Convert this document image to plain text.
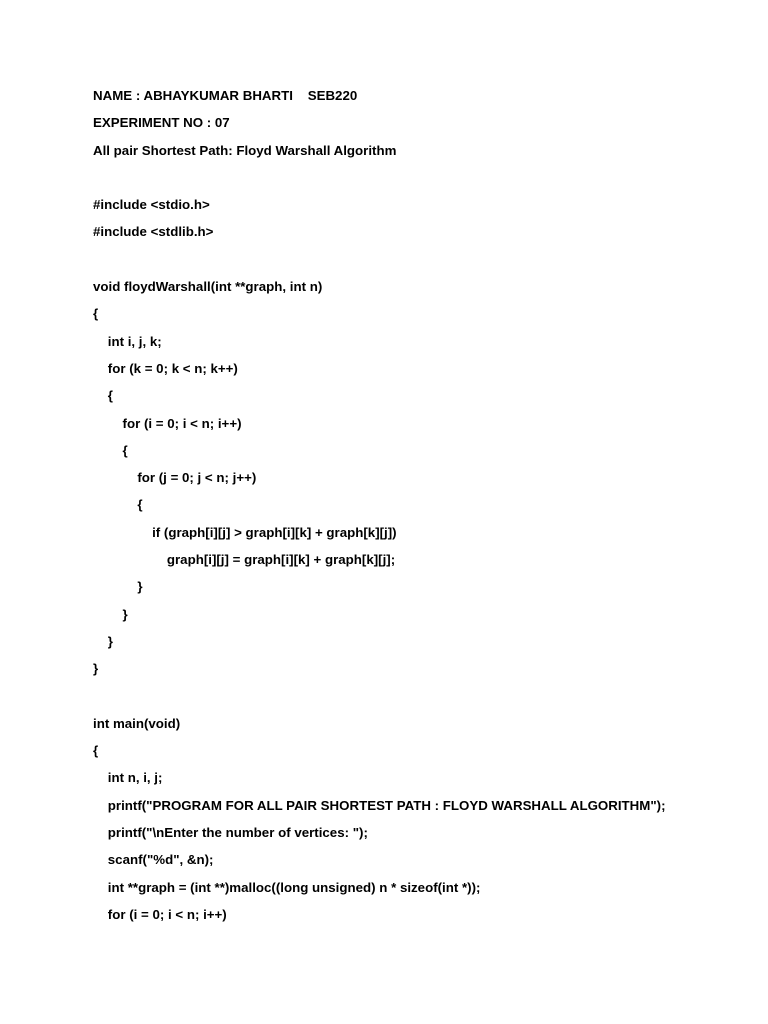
NAME : ABHAYKUMAR BHARTI    SEB220
EXPERIMENT NO : 07
All pair Shortest Path: Floyd Warshall Algorithm
#include <stdio.h>
#include <stdlib.h>
void floydWarshall(int **graph, int n)
{
int i, j, k;
for (k = 0; k < n; k++)
{
for (i = 0; i < n; i++)
{
for (j = 0; j < n; j++)
{
if (graph[i][j] > graph[i][k] + graph[k][j])
graph[i][j] = graph[i][k] + graph[k][j];
}
}
}
}
int main(void)
{
int n, i, j;
printf("PROGRAM FOR ALL PAIR SHORTEST PATH : FLOYD WARSHALL ALGORITHM");
printf("\nEnter the number of vertices: ");
scanf("%d", &n);
int **graph = (int **)malloc((long unsigned) n * sizeof(int *));
for (i = 0; i < n; i++)
